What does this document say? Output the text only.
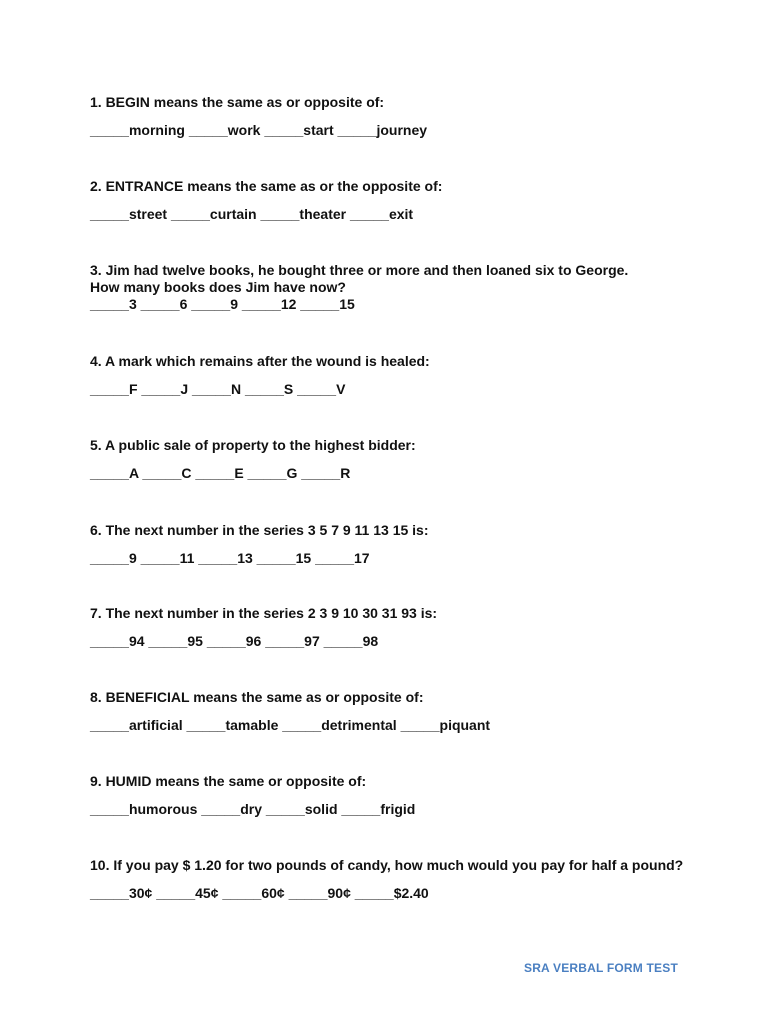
1. BEGIN means the same as or opposite of:
_____morning _____work _____start _____journey
2. ENTRANCE means the same as or the opposite of:
_____street _____curtain _____theater _____exit
3. Jim had twelve books, he bought three or more and then loaned six to George.
How many books does Jim have now?
_____3 _____6 _____9 _____12 _____15
4. A mark which remains after the wound is healed:
_____F _____J _____N _____S _____V
5. A public sale of property to the highest bidder:
_____A _____C _____E _____G _____R
6. The next number in the series 3 5 7 9 11 13 15 is:
_____9 _____11 _____13 _____15 _____17
7. The next number in the series 2 3 9 10 30 31 93 is:
_____94 _____95 _____96 _____97 _____98
8. BENEFICIAL means the same as or opposite of:
_____artificial _____tamable _____detrimental _____piquant
9. HUMID means the same or opposite of:
_____humorous _____dry _____solid _____frigid
10. If you pay $ 1.20 for two pounds of candy, how much would you pay for half a pound?
_____30¢ _____45¢ _____60¢ _____90¢ _____$2.40
SRA VERBAL FORM TEST
